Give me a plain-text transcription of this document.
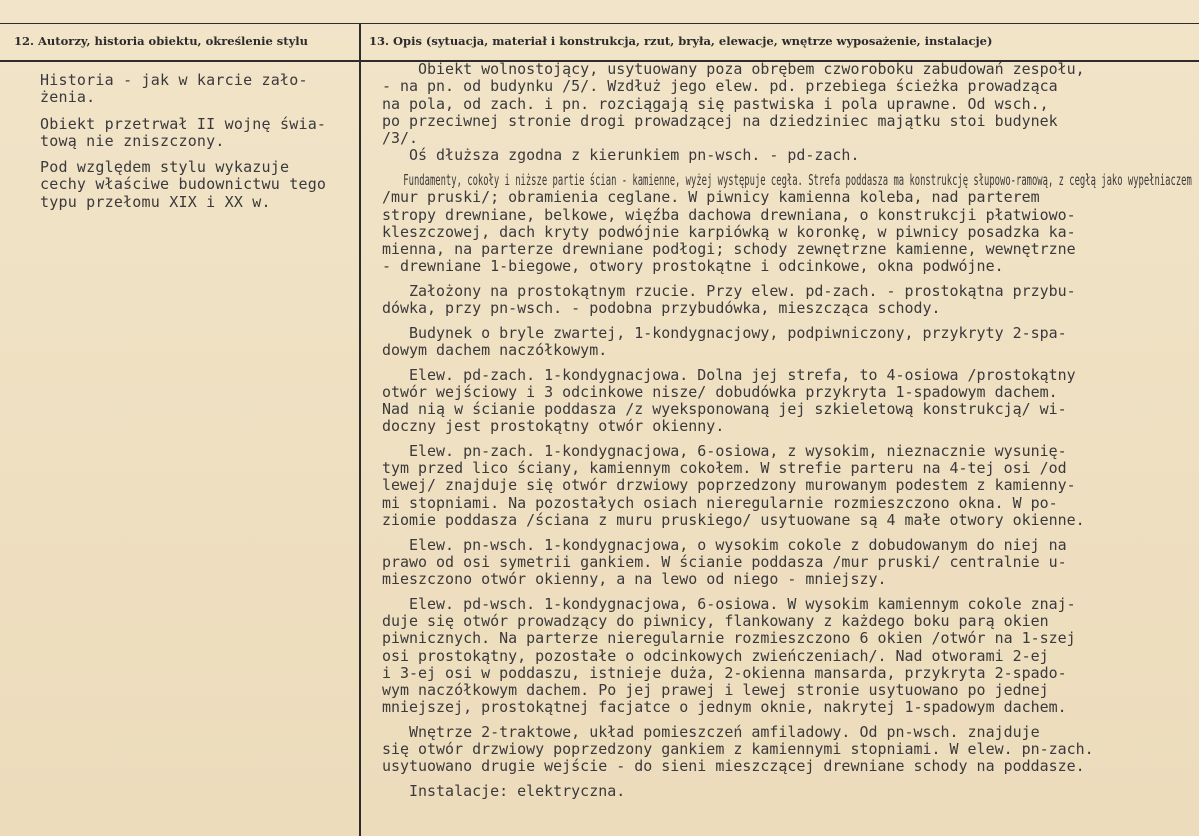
12. Autorzy, historia obiektu, określenie stylu	13. Opis (sytuacja, materiał i konstrukcja, rzut, bryła, elewacje, wnętrze wyposażenie, instalacje)
Historia - jak w karcie zało-
żenia.
Obiekt przetrwał II wojnę świa-
tową nie zniszczony.
Pod względem stylu wykazuje
cechy właściwe budownictwu tego
typu przełomu XIX i XX w.
Obiekt wolnostojący, usytuowany poza obrębem czworoboku zabudowań zespołu,
- na pn. od budynku /5/. Wzdłuż jego elew. pd. przebiega ścieżka prowadząca
na pola, od zach. i pn. rozciągają się pastwiska i pola uprawne. Od wsch.,
po przeciwnej stronie drogi prowadzącej na dziedziniec majątku stoi budynek
/3/.
Oś dłuższa zgodna z kierunkiem pn-wsch. - pd-zach.
Fundamenty, cokoły i niższe partie ścian - kamienne, wyżej występuje cegła. Strefa poddasza ma konstrukcję słupowo-ramową, z cegłą jako wypełniaczem
/mur pruski/; obramienia ceglane. W piwnicy kamienna koleba, nad parterem
stropy drewniane, belkowe, więźba dachowa drewniana, o konstrukcji płatwiowo-
kleszczowej, dach kryty podwójnie karpiówką w koronkę, w piwnicy posadzka ka-
mienna, na parterze drewniane podłogi; schody zewnętrzne kamienne, wewnętrzne
- drewniane 1-biegowe, otwory prostokątne i odcinkowe, okna podwójne.
Założony na prostokątnym rzucie. Przy elew. pd-zach. - prostokątna przybu-
dówka, przy pn-wsch. - podobna przybudówka, mieszcząca schody.
Budynek o bryle zwartej, 1-kondygnacjowy, podpiwniczony, przykryty 2-spa-
dowym dachem naczółkowym.
Elew. pd-zach. 1-kondygnacjowa. Dolna jej strefa, to 4-osiowa /prostokątny
otwór wejściowy i 3 odcinkowe nisze/ dobudówka przykryta 1-spadowym dachem.
Nad nią w ścianie poddasza /z wyeksponowaną jej szkieletową konstrukcją/ wi-
doczny jest prostokątny otwór okienny.
Elew. pn-zach. 1-kondygnacjowa, 6-osiowa, z wysokim, nieznacznie wysunię-
tym przed lico ściany, kamiennym cokołem. W strefie parteru na 4-tej osi /od
lewej/ znajduje się otwór drzwiowy poprzedzony murowanym podestem z kamienny-
mi stopniami. Na pozostałych osiach nieregularnie rozmieszczono okna. W po-
ziomie poddasza /ściana z muru pruskiego/ usytuowane są 4 małe otwory okienne.
Elew. pn-wsch. 1-kondygnacjowa, o wysokim cokole z dobudowanym do niej na
prawo od osi symetrii gankiem. W ścianie poddasza /mur pruski/ centralnie u-
mieszczono otwór okienny, a na lewo od niego - mniejszy.
Elew. pd-wsch. 1-kondygnacjowa, 6-osiowa. W wysokim kamiennym cokole znaj-
duje się otwór prowadzący do piwnicy, flankowany z każdego boku parą okien
piwnicznych. Na parterze nieregularnie rozmieszczono 6 okien /otwór na 1-szej
osi prostokątny, pozostałe o odcinkowych zwieńczeniach/. Nad otworami 2-ej
i 3-ej osi w poddaszu, istnieje duża, 2-okienna mansarda, przykryta 2-spado-
wym naczółkowym dachem. Po jej prawej i lewej stronie usytuowano po jednej
mniejszej, prostokątnej facjatce o jednym oknie, nakrytej 1-spadowym dachem.
Wnętrze 2-traktowe, układ pomieszczeń amfiladowy. Od pn-wsch. znajduje
się otwór drzwiowy poprzedzony gankiem z kamiennymi stopniami. W elew. pn-zach.
usytuowano drugie wejście - do sieni mieszczącej drewniane schody na poddasze.
Instalacje: elektryczna.
